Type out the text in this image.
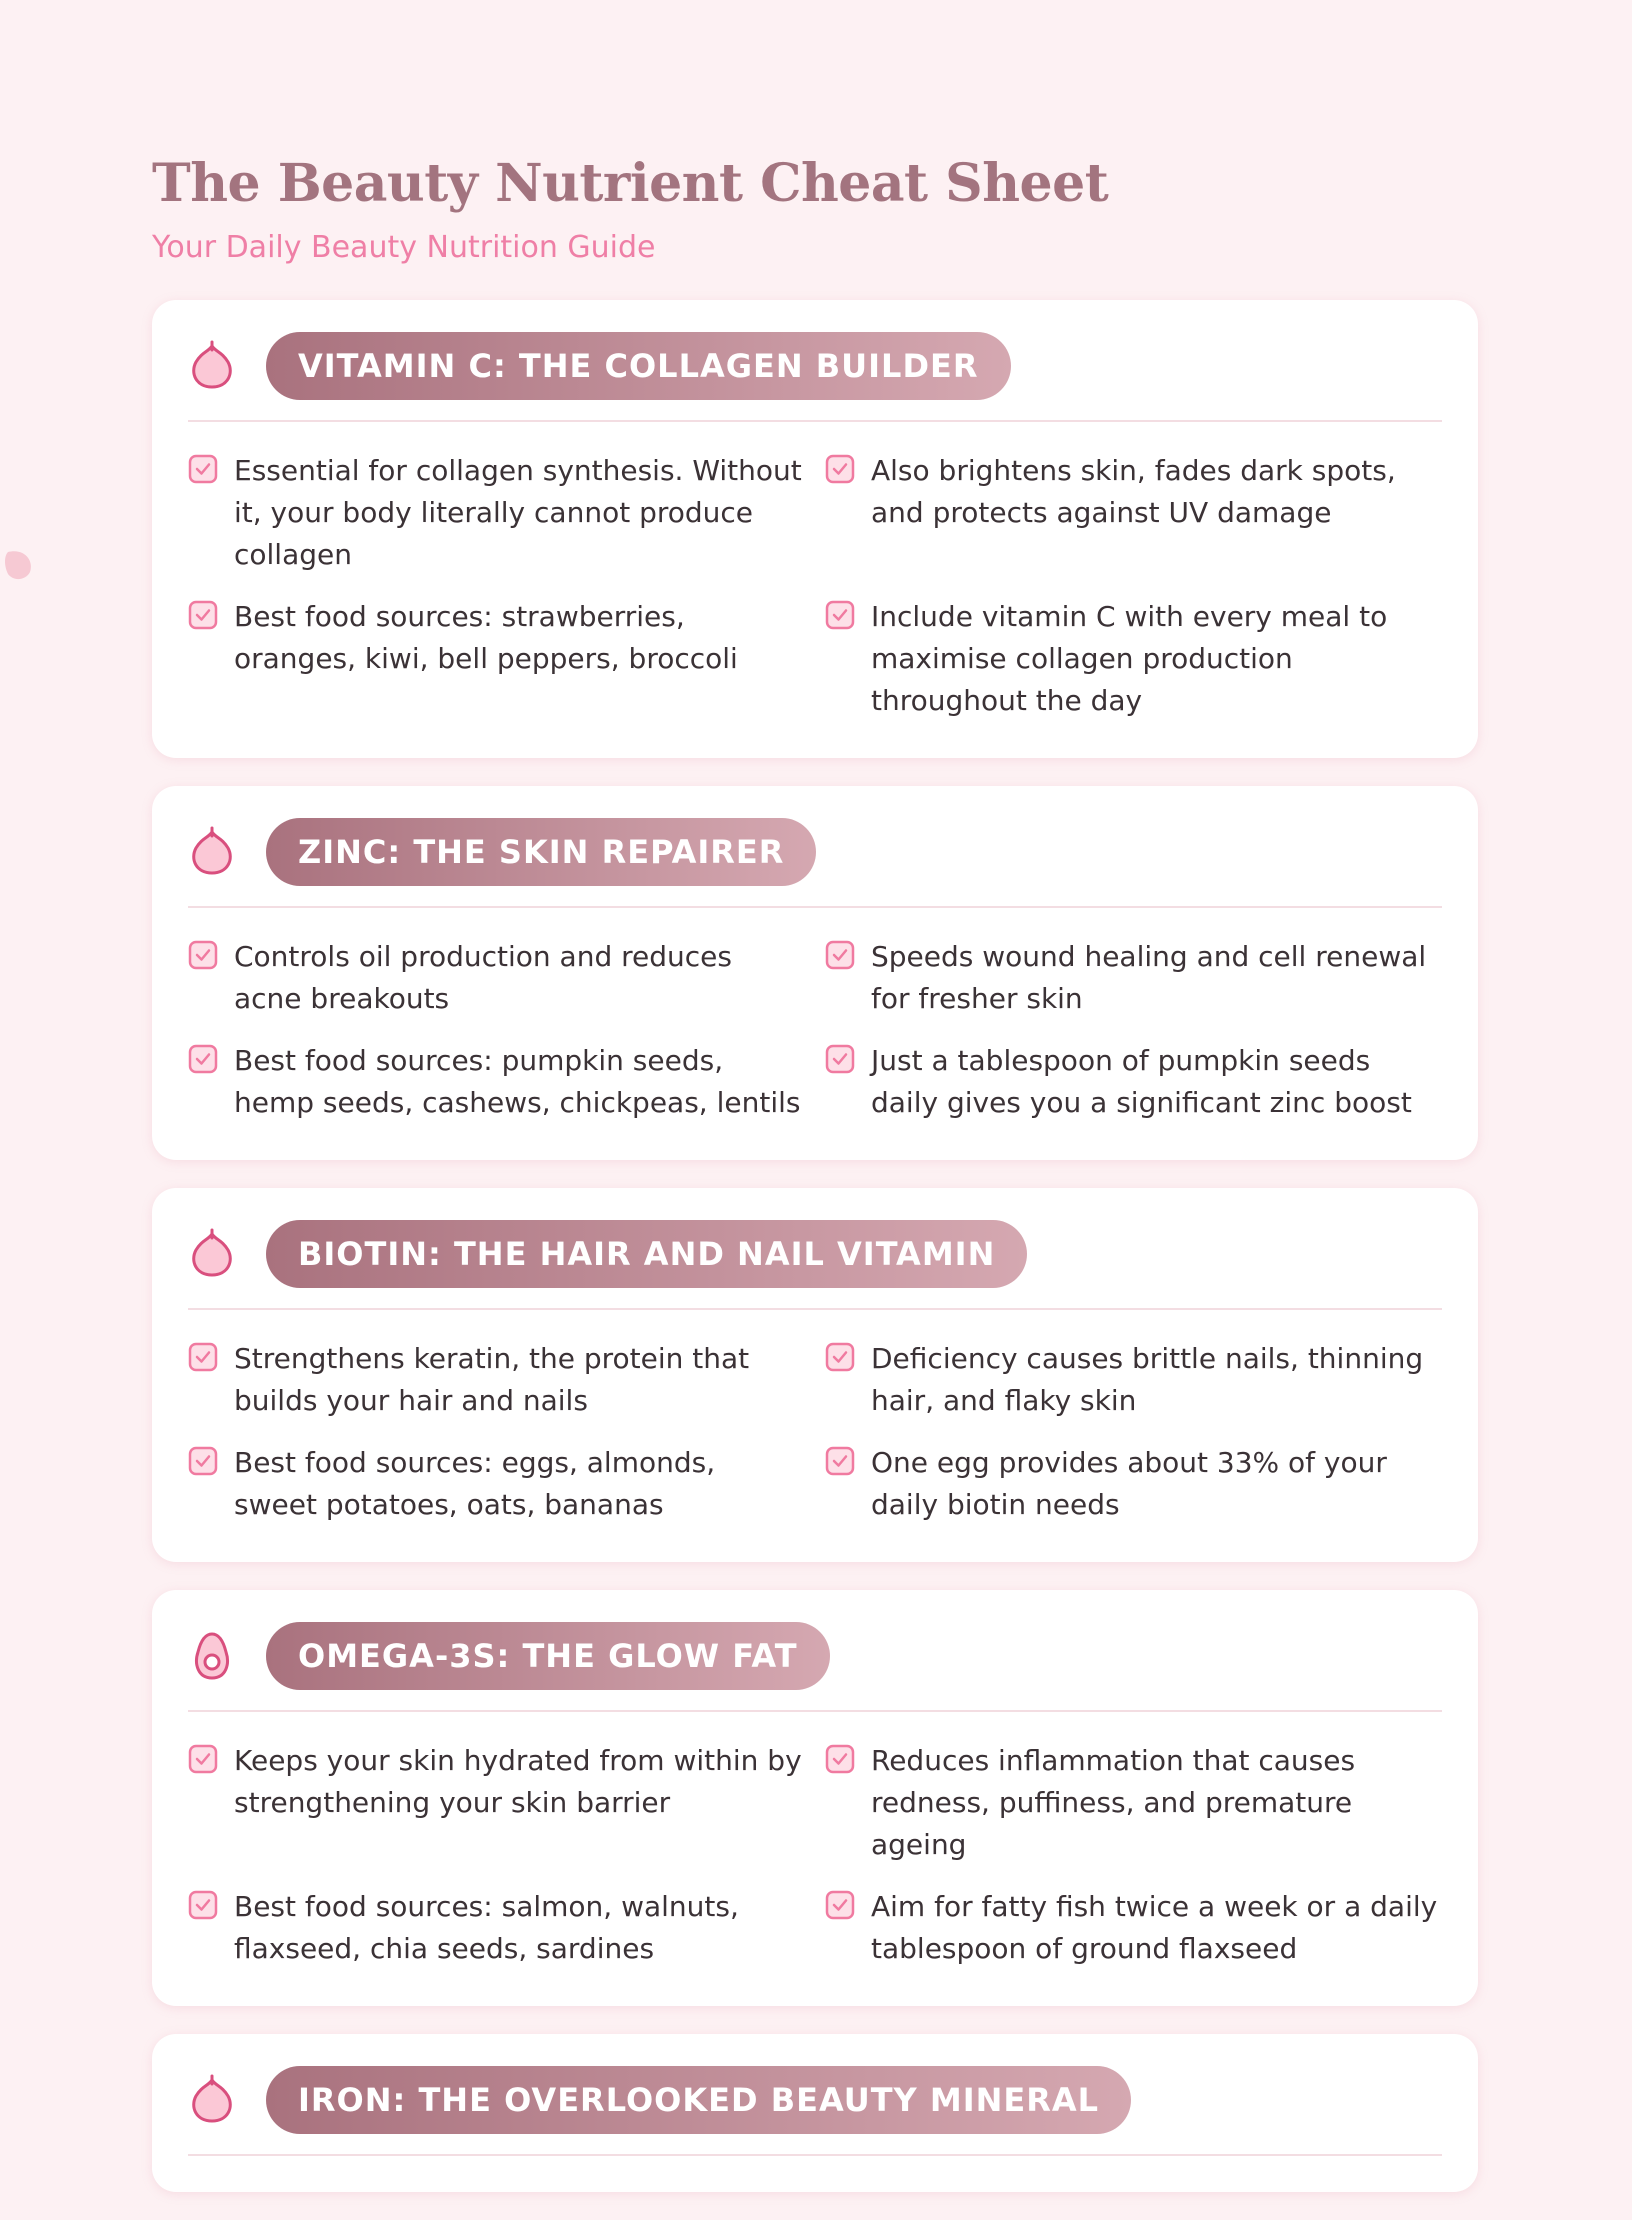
The Beauty Nutrient Cheat Sheet
Your Daily Beauty Nutrition Guide
VITAMIN C: THE COLLAGEN BUILDER
Essential for collagen synthesis. Without it, your body literally cannot produce collagen
Also brightens skin, fades dark spots, and protects against UV damage
Best food sources: strawberries, oranges, kiwi, bell peppers, broccoli
Include vitamin C with every meal to maximise collagen production throughout the day
ZINC: THE SKIN REPAIRER
Controls oil production and reduces acne breakouts
Speeds wound healing and cell renewal for fresher skin
Best food sources: pumpkin seeds, hemp seeds, cashews, chickpeas, lentils
Just a tablespoon of pumpkin seeds daily gives you a significant zinc boost
BIOTIN: THE HAIR AND NAIL VITAMIN
Strengthens keratin, the protein that builds your hair and nails
Deficiency causes brittle nails, thinning hair, and flaky skin
Best food sources: eggs, almonds, sweet potatoes, oats, bananas
One egg provides about 33% of your daily biotin needs
OMEGA-3S: THE GLOW FAT
Keeps your skin hydrated from within by strengthening your skin barrier
Reduces inflammation that causes redness, puffiness, and premature ageing
Best food sources: salmon, walnuts, flaxseed, chia seeds, sardines
Aim for fatty fish twice a week or a daily tablespoon of ground flaxseed
IRON: THE OVERLOOKED BEAUTY MINERAL
